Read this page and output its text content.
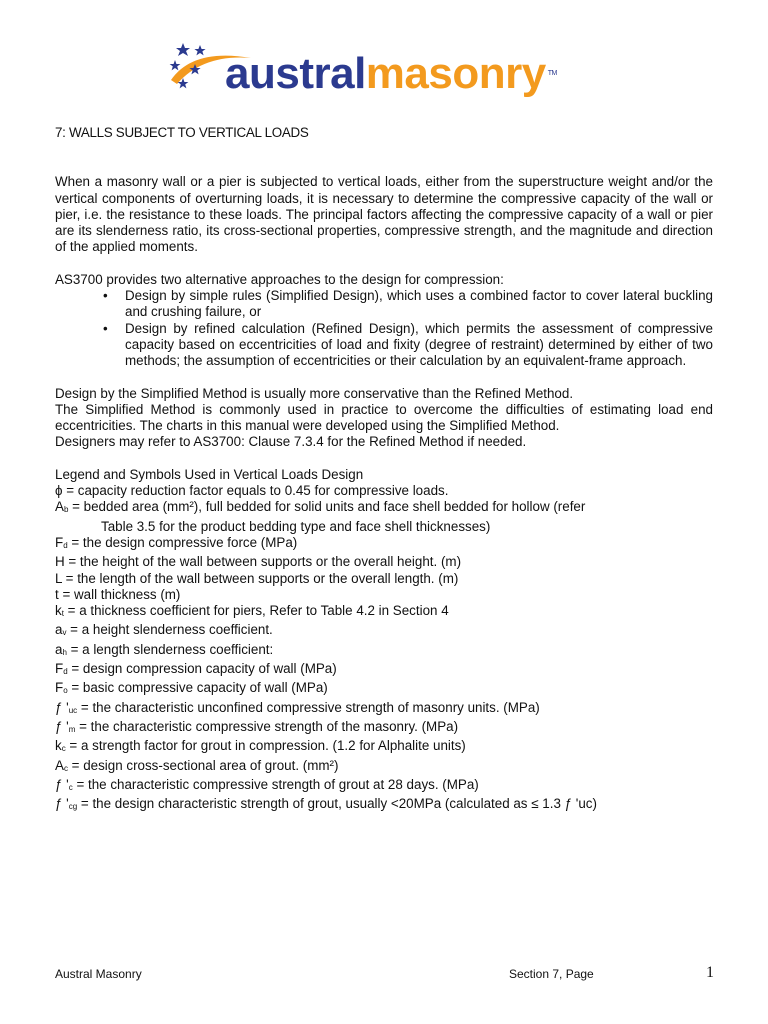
australmasonry ™
7: WALLS SUBJECT TO VERTICAL LOADS

When a masonry wall or a pier is subjected to vertical loads, either from the superstructure weight and/or the vertical components of overturning loads, it is necessary to determine the compressive capacity of the wall or pier, i.e. the resistance to these loads. The principal factors affecting the compressive capacity of a wall or pier are its slenderness ratio, its cross-sectional properties, compressive strength, and the magnitude and direction of the applied moments.

AS3700 provides two alternative approaches to the design for compression:

• Design by simple rules (Simplified Design), which uses a combined factor to cover lateral buckling and crushing failure, or
• Design by refined calculation (Refined Design), which permits the assessment of compressive capacity based on eccentricities of load and fixity (degree of restraint) determined by either of two methods; the assumption of eccentricities or their calculation by an equivalent-frame approach.

Design by the Simplified Method is usually more conservative than the Refined Method.

The Simplified Method is commonly used in practice to overcome the difficulties of estimating load end eccentricities. The charts in this manual were developed using the Simplified Method.

Designers may refer to AS3700: Clause 7.3.4 for the Refined Method if needed.

Legend and Symbols Used in Vertical Loads Design

ϕ = capacity reduction factor equals to 0.45 for compressive loads.
Ab = bedded area (mm²), full bedded for solid units and face shell bedded for hollow (refer
Table 3.5 for the product bedding type and face shell thicknesses)
Fd = the design compressive force (MPa)
H = the height of the wall between supports or the overall height. (m)
L = the length of the wall between supports or the overall length. (m)
t = wall thickness (m)
kt = a thickness coefficient for piers, Refer to Table 4.2 in Section 4
av = a height slenderness coefficient.
ah = a length slenderness coefficient:
Fd = design compression capacity of wall (MPa)
Fo = basic compressive capacity of wall (MPa)
ƒ 'uc = the characteristic unconfined compressive strength of masonry units. (MPa)
ƒ 'm = the characteristic compressive strength of the masonry. (MPa)
kc = a strength factor for grout in compression. (1.2 for Alphalite units)
Ac = design cross-sectional area of grout. (mm²)
ƒ 'c = the characteristic compressive strength of grout at 28 days. (MPa)
ƒ 'cg = the design characteristic strength of grout, usually <20MPa (calculated as ≤ 1.3 ƒ 'uc)
Austral Masonry	Section 7, Page	1
